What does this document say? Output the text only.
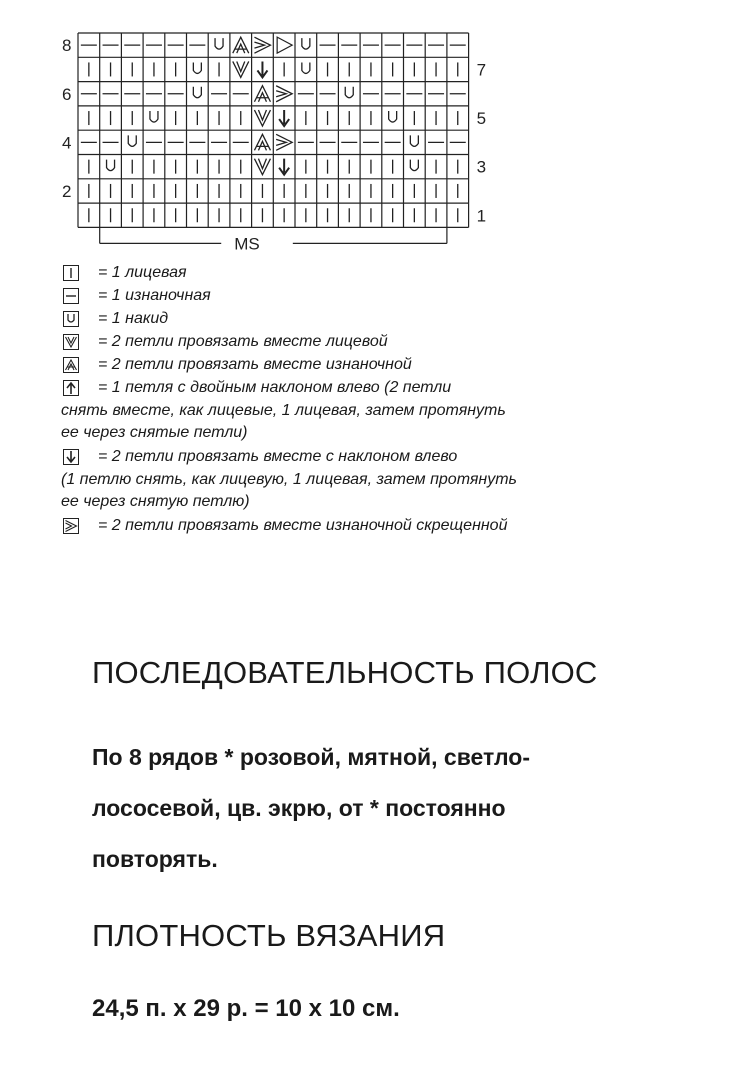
8
6
4
2
7
5
3
1
MS
= 1 лицевая
= 1 изнаночная
= 1 накид
= 2 петли провязать вместе лицевой
= 2 петли провязать вместе изнаночной
= 1 петля с двойным наклоном влево (2 петли
снять вместе, как лицевые, 1 лицевая, затем протянуть
ее через снятые петли)
= 2 петли провязать вместе с наклоном влево
(1 петлю снять, как лицевую, 1 лицевая, затем протянуть
ее через снятую петлю)
= 2 петли провязать вместе изнаночной скрещенной
ПОСЛЕДОВАТЕЛЬНОСТЬ ПОЛОС
По 8 рядов * розовой, мятной, светло-
лососевой, цв. экрю, от * постоянно
повторять.
ПЛОТНОСТЬ ВЯЗАНИЯ
24,5 п. х 29 р. = 10 х 10 см.
